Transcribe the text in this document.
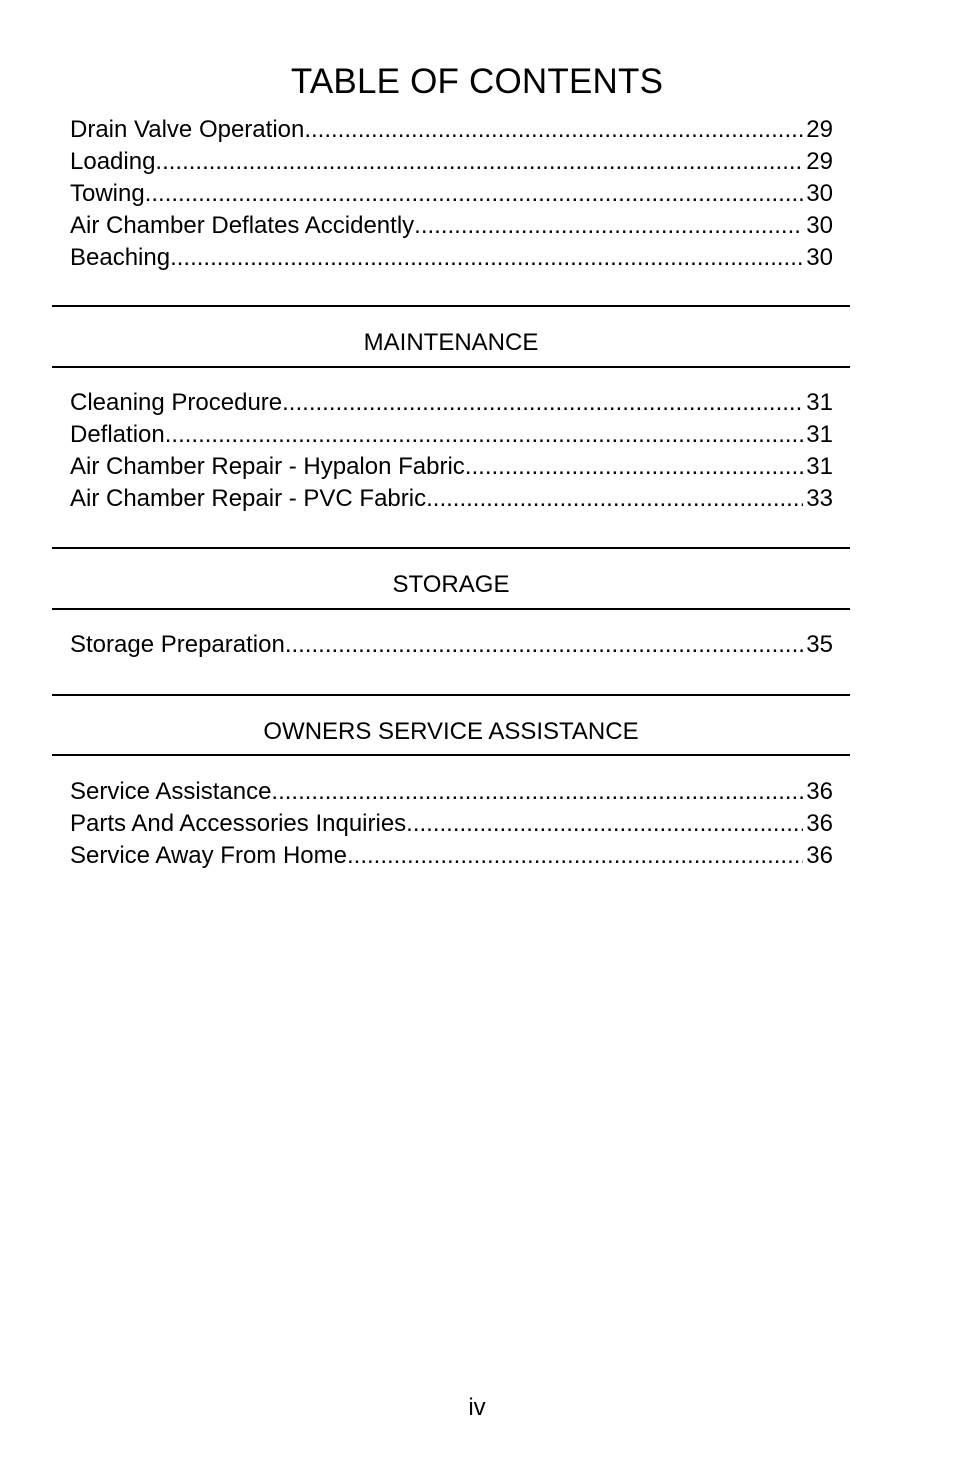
TABLE OF CONTENTS
Drain Valve Operation .....	29
Loading .....	29
Towing .....	30
Air Chamber Deflates Accidently .....	30
Beaching .....	30
MAINTENANCE
Cleaning Procedure .....	31
Deflation .....	31
Air Chamber Repair - Hypalon Fabric .....	31
Air Chamber Repair - PVC Fabric .....	33
STORAGE
Storage Preparation .....	35
OWNERS SERVICE ASSISTANCE
Service Assistance .....	36
Parts And Accessories Inquiries .....	36
Service Away From Home .....	36
iv
